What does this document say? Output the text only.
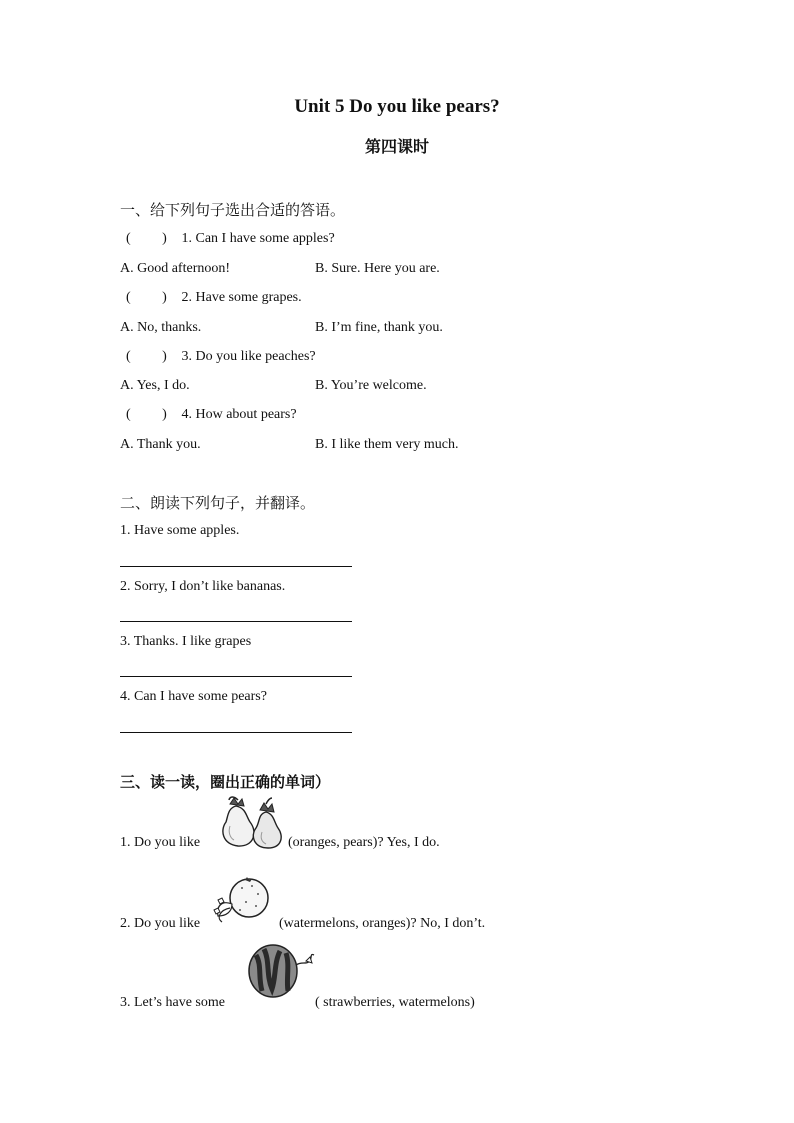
Unit 5 Do you like pears?
第四课时
一、给下列句子选出合适的答语。
( ) 1. Can I have some apples?
A. Good afternoon!	B. Sure. Here you are.
( ) 2. Have some grapes.
A. No, thanks.	B. I’m fine, thank you.
( ) 3. Do you like peaches?
A. Yes, I do.	B. You’re welcome.
( ) 4. How about pears?
A. Thank you.	B. I like them very much.
二、朗读下列句子，并翻译。
1. Have some apples.
2. Sorry, I don’t like bananas.
3. Thanks. I like grapes
4. Can I have some pears?
三、读一读，圈出正确的单词）
1. Do you like	(oranges, pears)? Yes, I do.
2. Do you like	(watermelons, oranges)? No, I don’t.
3. Let’s have some	( strawberries, watermelons)
